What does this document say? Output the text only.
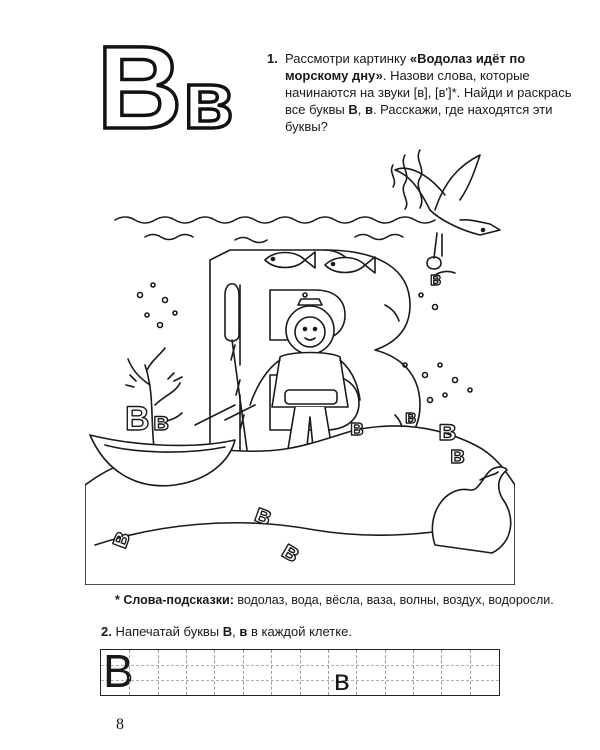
В в	1. Рассмотри картинку «Водолаз идёт по морскому дну». Назови слова, которые начинаются на звуки [в], [в']*. Найди и раскрась все буквы В, в. Расскажи, где находятся эти буквы?
В в
в
в
в
в в
в
в
в
* Слова-подсказки: водолаз, вода, вёсла, ваза, волны, воздух, водоросли.
2. Напечатай буквы В, в в каждой клетке.
В	в
8
